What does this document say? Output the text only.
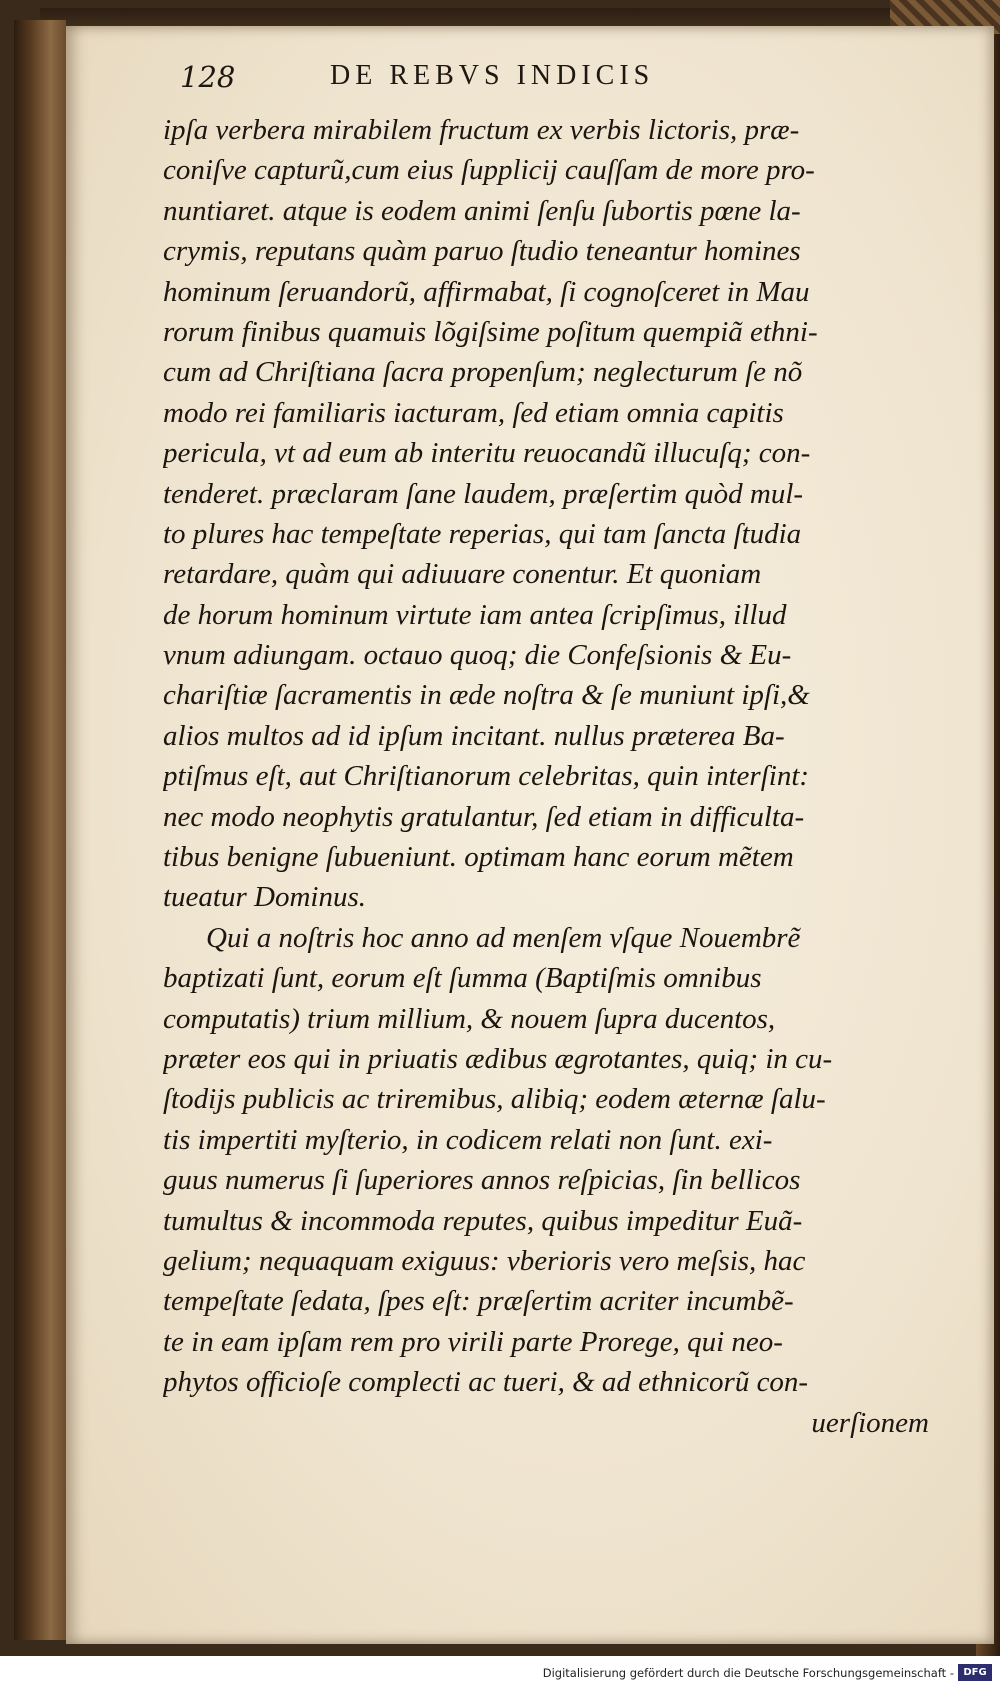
128	DE REBVS INDICIS
ipſa verbera mirabilem fructum ex verbis lictoris, præ-
coniſve capturũ,cum eius ſupplicij cauſſam de more pro-
nuntiaret. atque is eodem animi ſenſu ſubortis pœne la-
crymis, reputans quàm paruo ſtudio teneantur homines
hominum ſeruandorũ, affirmabat, ſi cognoſceret in Mau
rorum finibus quamuis lõgiſsime poſitum quempiã ethni-
cum ad Chriſtiana ſacra propenſum; neglecturum ſe nõ
modo rei familiaris iacturam, ſed etiam omnia capitis
pericula, vt ad eum ab interitu reuocandũ illucuſq; con-
tenderet. præclaram ſane laudem, præſertim quòd mul-
to plures hac tempeſtate reperias, qui tam ſancta ſtudia
retardare, quàm qui adiuuare conentur. Et quoniam
de horum hominum virtute iam antea ſcripſimus, illud
vnum adiungam. octauo quoq; die Confeſsionis & Eu-
chariſtiæ ſacramentis in æde noſtra & ſe muniunt ipſi,&
alios multos ad id ipſum incitant. nullus præterea Ba-
ptiſmus eſt, aut Chriſtianorum celebritas, quin interſint:
nec modo neophytis gratulantur, ſed etiam in difficulta-
tibus benigne ſubueniunt. optimam hanc eorum mẽtem
tueatur Dominus.
Qui a noſtris hoc anno ad menſem vſque Nouembrẽ
baptizati ſunt, eorum eſt ſumma (Baptiſmis omnibus
computatis) trium millium, & nouem ſupra ducentos,
præter eos qui in priuatis ædibus ægrotantes, quiq; in cu-
ſtodijs publicis ac triremibus, alibiq; eodem æternæ ſalu-
tis impertiti myſterio, in codicem relati non ſunt. exi-
guus numerus ſi ſuperiores annos reſpicias, ſin bellicos
tumultus & incommoda reputes, quibus impeditur Euã-
gelium; nequaquam exiguus: vberioris vero meſsis, hac
tempeſtate ſedata, ſpes eſt: præſertim acriter incumbẽ-
te in eam ipſam rem pro virili parte Prorege, qui neo-
phytos officioſe complecti ac tueri, & ad ethnicorũ con-
uerſionem
Digitalisierung gefördert durch die Deutsche Forschungsgemeinschaft - DFG
